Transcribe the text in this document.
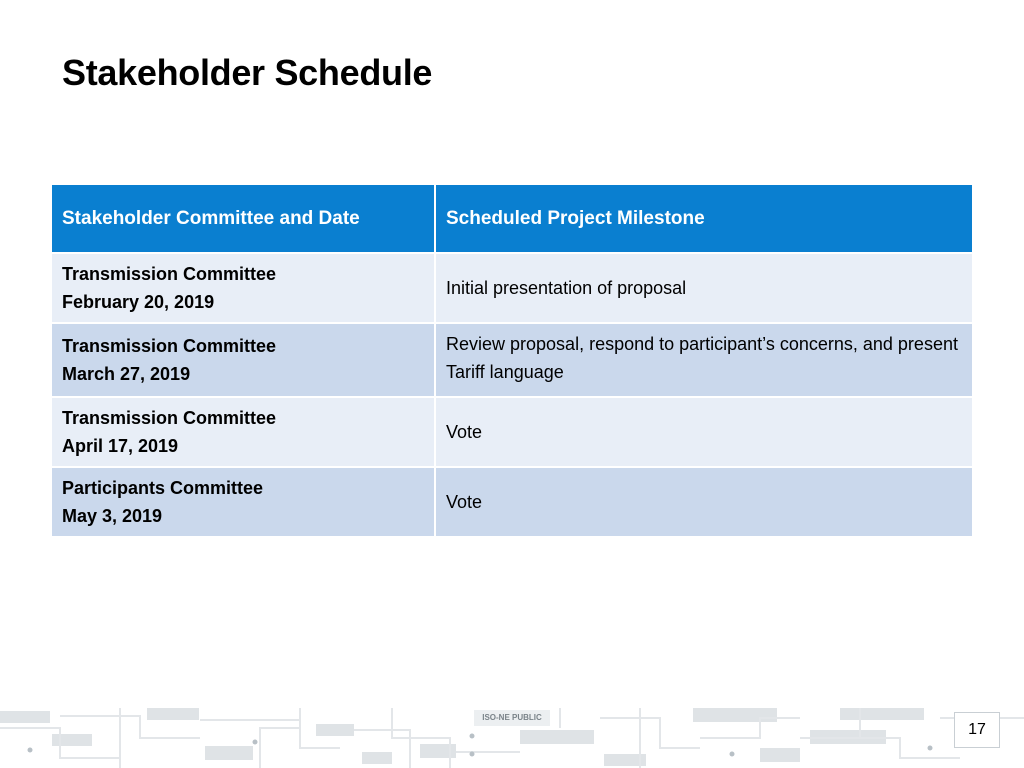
Stakeholder Schedule
Stakeholder Committee and Date	Scheduled Project Milestone

Transmission Committee
February 20, 2019	Initial presentation of proposal

Transmission Committee
March 27, 2019	Review proposal, respond to participant’s concerns, and present Tariff language

Transmission Committee
April 17, 2019	Vote

Participants Committee
May 3, 2019	Vote
ISO-NE PUBLIC
17
